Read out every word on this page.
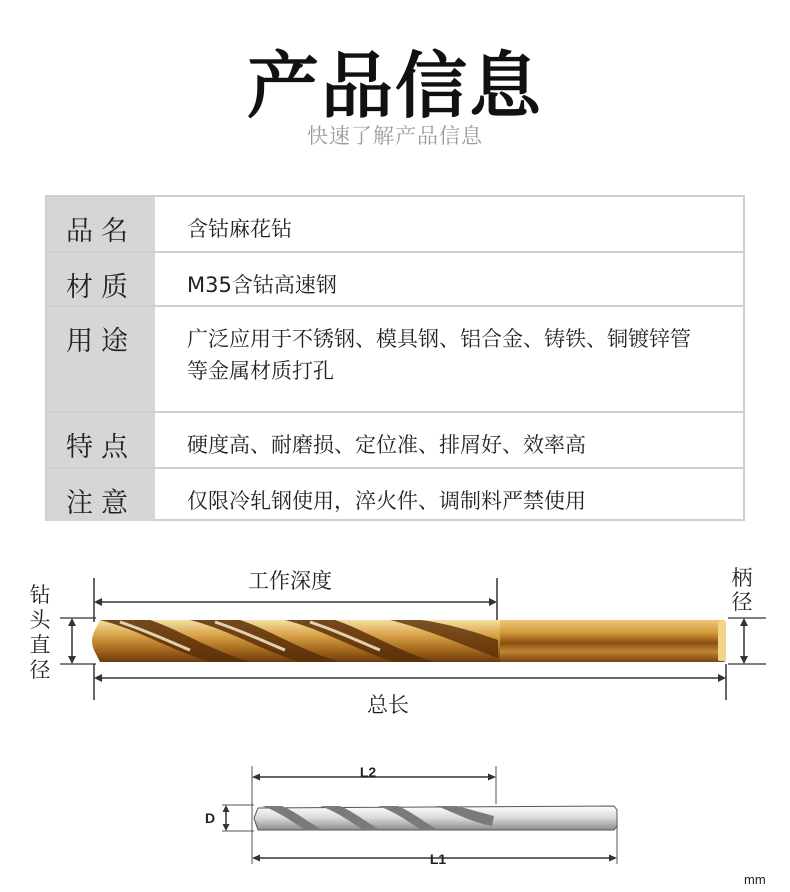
产品信息
快速了解产品信息
品名	含钴麻花钻
材质	M35含钴高速钢
用途	广泛应用于不锈钢、模具钢、铝合金、铸铁、铜镀锌管等金属材质打孔
特点	硬度高、耐磨损、定位准、排屑好、效率高
注意	仅限冷轧钢使用，淬火件、调制料严禁使用
工作深度
钻
头
直
径
柄
径
总长
L2
D
L1
mm
